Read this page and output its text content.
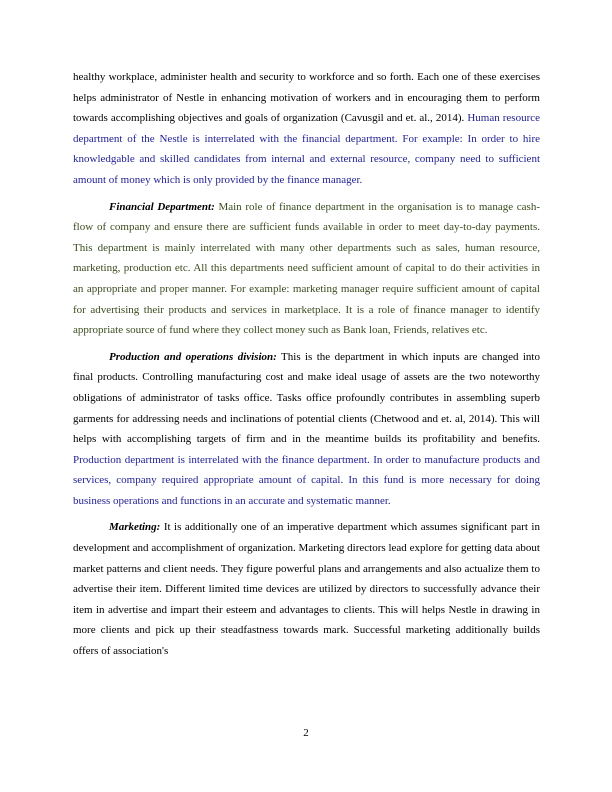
healthy workplace, administer health and security to workforce and so forth. Each one of these exercises helps administrator of Nestle in enhancing motivation of workers and in encouraging them to perform towards accomplishing objectives and goals of organization (Cavusgil and et. al., 2014). Human resource department of the Nestle is interrelated with the financial department. For example: In order to hire knowledgable and skilled candidates from internal and external resource, company need to sufficient amount of money which is only provided by the finance manager.

Financial Department: Main role of finance department in the organisation is to manage cash-flow of company and ensure there are sufficient funds available in order to meet day-to-day payments. This department is mainly interrelated with many other departments such as sales, human resource, marketing, production etc. All this departments need sufficient amount of capital to do their activities in an appropriate and proper manner. For example: marketing manager require sufficient amount of capital for advertising their products and services in marketplace. It is a role of finance manager to identify appropriate source of fund where they collect money such as Bank loan, Friends, relatives etc.

Production and operations division: This is the department in which inputs are changed into final products. Controlling manufacturing cost and make ideal usage of assets are the two noteworthy obligations of administrator of tasks office. Tasks office profoundly contributes in assembling superb garments for addressing needs and inclinations of potential clients (Chetwood and et. al, 2014). This will helps with accomplishing targets of firm and in the meantime builds its profitability and benefits. Production department is interrelated with the finance department. In order to manufacture products and services, company required appropriate amount of capital. In this fund is more necessary for doing business operations and functions in an accurate and systematic manner.

Marketing: It is additionally one of an imperative department which assumes significant part in development and accomplishment of organization. Marketing directors lead explore for getting data about market patterns and client needs. They figure powerful plans and arrangements and also actualize them to advertise their item. Different limited time devices are utilized by directors to successfully advance their item in advertise and impart their esteem and advantages to clients. This will helps Nestle in drawing in more clients and pick up their steadfastness towards mark. Successful marketing additionally builds offers of association's

2
